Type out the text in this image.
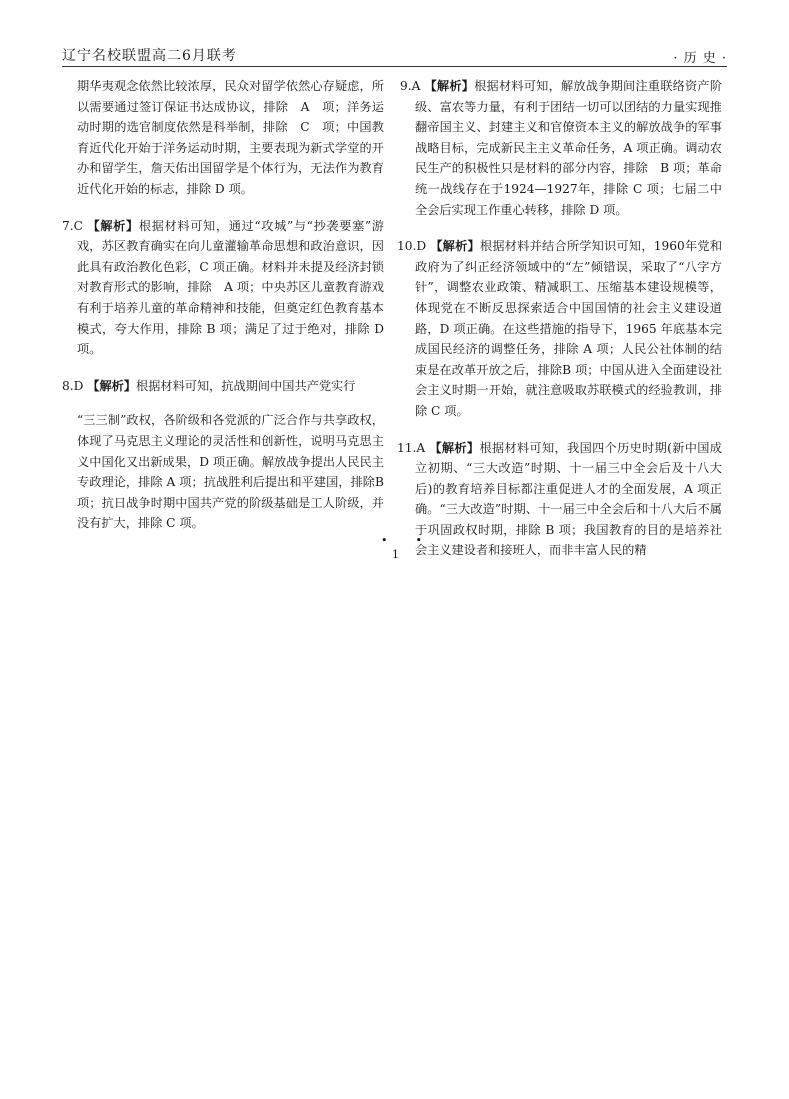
辽宁名校联盟高二6月联考	· 历 史 ·

期华夷观念依然比较浓厚，民众对留学依然心存疑虑，所以需要通过签订保证书达成协议，排除　A　项；洋务运动时期的选官制度依然是科举制，排除　C　项；中国教育近代化开始于洋务运动时期，主要表现为新式学堂的开办和留学生，詹天佑出国留学是个体行为，无法作为教育近代化开始的标志，排除 D 项。

7.C 【解析】根据材料可知，通过“攻城”与“抄袭要塞”游戏，苏区教育确实在向儿童灌输革命思想和政治意识，因此具有政治教化色彩，C 项正确。材料并未提及经济封锁对教育形式的影响，排除　A 项；中央苏区儿童教育游戏有利于培养儿童的革命精神和技能，但奠定红色教育基本模式，夸大作用，排除 B 项；满足了过于绝对，排除 D项。

8.D 【解析】根据材料可知，抗战期间中国共产党实行

“三三制”政权，各阶级和各党派的广泛合作与共享政权，体现了马克思主义理论的灵活性和创新性，说明马克思主义中国化又出新成果，D 项正确。解放战争提出人民民主专政理论，排除 A 项；抗战胜利后提出和平建国，排除B 项；抗日战争时期中国共产党的阶级基础是工人阶级，并没有扩大，排除 C 项。

9.A 【解析】根据材料可知，解放战争期间注重联络资产阶级、富农等力量，有利于团结一切可以团结的力量实现推翻帝国主义、封建主义和官僚资本主义的解放战争的军事战略目标，完成新民主主义革命任务，A 项正确。调动农民生产的积极性只是材料的部分内容，排除　B 项；革命统一战线存在于1924—1927年，排除 C 项；七届二中全会后实现工作重心转移，排除 D 项。

10.D 【解析】根据材料并结合所学知识可知，1960年党和政府为了纠正经济领域中的“左”倾错误，采取了“八字方针”，调整农业政策、精减职工、压缩基本建设规模等，体现党在不断反思探索适合中国国情的社会主义建设道路，D 项正确。在这些措施的指导下，1965 年底基本完成国民经济的调整任务，排除 A 项；人民公社体制的结束是在改革开放之后，排除B 项；中国从进入全面建设社会主义时期一开始，就注意吸取苏联模式的经验教训，排除 C 项。

11.A 【解析】根据材料可知，我国四个历史时期(新中国成立初期、“三大改造”时期、十一届三中全会后及十八大后)的教育培养目标都注重促进人才的全面发展，A 项正确。“三大改造”时期、十一届三中全会后和十八大后不属于巩固政权时期，排除 B 项；我国教育的目的是培养社会主义建设者和接班人，而非丰富人民的精

••
1
